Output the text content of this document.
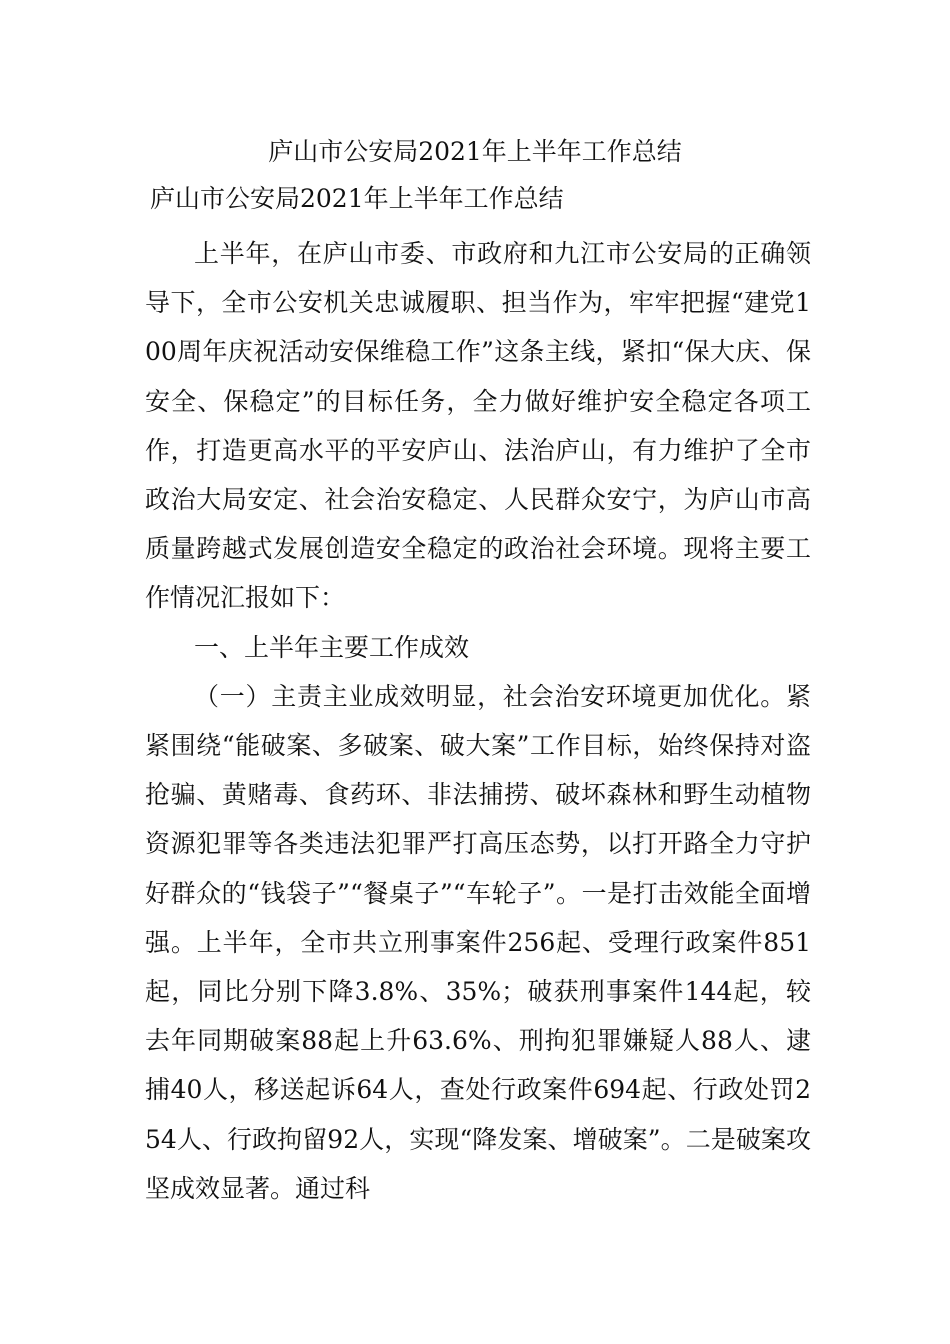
庐山市公安局2021年上半年工作总结
庐山市公安局2021年上半年工作总结

上半年，在庐山市委、市政府和九江市公安局的正确领导下，全市公安机关忠诚履职、担当作为，牢牢把握“建党100周年庆祝活动安保维稳工作”这条主线，紧扣“保大庆、保安全、保稳定”的目标任务，全力做好维护安全稳定各项工作，打造更高水平的平安庐山、法治庐山，有力维护了全市政治大局安定、社会治安稳定、人民群众安宁，为庐山市高质量跨越式发展创造安全稳定的政治社会环境。现将主要工作情况汇报如下：

一、上半年主要工作成效

（一）主责主业成效明显，社会治安环境更加优化。紧紧围绕“能破案、多破案、破大案”工作目标，始终保持对盗抢骗、黄赌毒、食药环、非法捕捞、破坏森林和野生动植物资源犯罪等各类违法犯罪严打高压态势，以打开路全力守护好群众的“钱袋子”“餐桌子”“车轮子”。一是打击效能全面增强。上半年，全市共立刑事案件256起、受理行政案件851起，同比分别下降3.8%、35%；破获刑事案件144起，较去年同期破案88起上升63.6%、刑拘犯罪嫌疑人88人、逮捕40人，移送起诉64人，查处行政案件694起、行政处罚254人、行政拘留92人，实现“降发案、增破案”。二是破案攻坚成效显著。通过科
